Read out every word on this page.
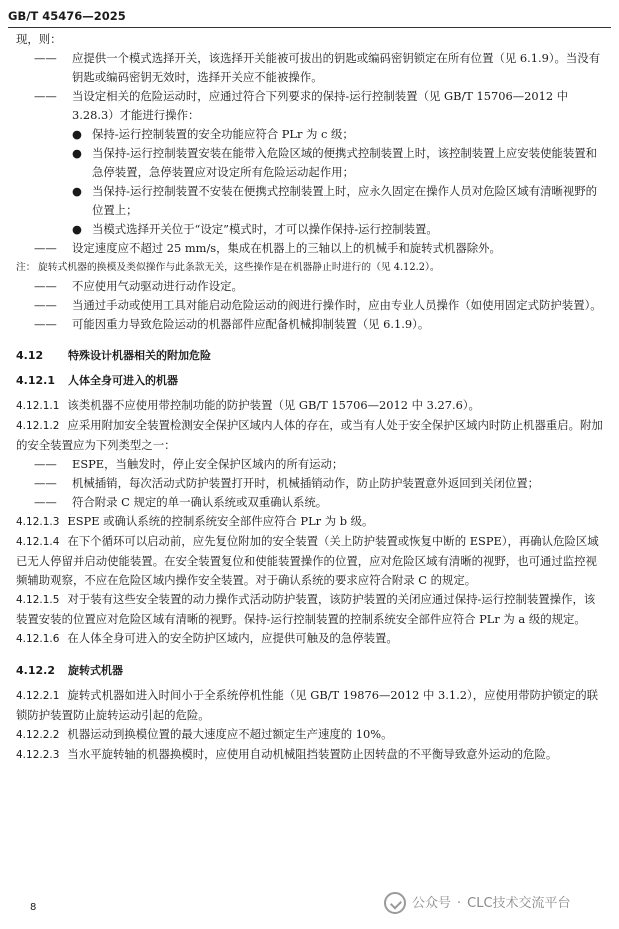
GB/T 45476—2025
现，则：
—— 应提供一个模式选择开关，该选择开关能被可拔出的钥匙或编码密钥锁定在所有位置（见 6.1.9）。当没有钥匙或编码密钥无效时，选择开关应不能被操作。
—— 当设定相关的危险运动时，应通过符合下列要求的保持-运行控制装置（见 GB/T 15706—2012 中 3.28.3）才能进行操作：
● 保持-运行控制装置的安全功能应符合 PLr 为 c 级；
● 当保持-运行控制装置安装在能带入危险区域的便携式控制装置上时，该控制装置上应安装使能装置和急停装置，急停装置应对设定所有危险运动起作用；
● 当保持-运行控制装置不安装在便携式控制装置上时，应永久固定在操作人员对危险区域有清晰视野的位置上；
● 当模式选择开关位于“设定”模式时，才可以操作保持-运行控制装置。
—— 设定速度应不超过 25 mm/s，集成在机器上的三轴以上的机械手和旋转式机器除外。
注： 旋转式机器的换模及类似操作与此条款无关，这些操作是在机器静止时进行的（见 4.12.2）。
—— 不应使用气动驱动进行动作设定。
—— 当通过手动或使用工具对能启动危险运动的阀进行操作时，应由专业人员操作（如使用固定式防护装置）。
—— 可能因重力导致危险运动的机器部件应配备机械抑制装置（见 6.1.9）。
4.12 特殊设计机器相关的附加危险
4.12.1 人体全身可进入的机器
4.12.1.1 该类机器不应使用带控制功能的防护装置（见 GB/T 15706—2012 中 3.27.6）。
4.12.1.2 应采用附加安全装置检测安全保护区域内人体的存在，或当有人处于安全保护区域内时防止机器重启。附加的安全装置应为下列类型之一：
—— ESPE，当触发时，停止安全保护区域内的所有运动；
—— 机械插销，每次活动式防护装置打开时，机械插销动作，防止防护装置意外返回到关闭位置；
—— 符合附录 C 规定的单一确认系统或双重确认系统。
4.12.1.3 ESPE 或确认系统的控制系统安全部件应符合 PLr 为 b 级。
4.12.1.4 在下个循环可以启动前，应先复位附加的安全装置（关上防护装置或恢复中断的 ESPE），再确认危险区域已无人停留并启动使能装置。在安全装置复位和使能装置操作的位置，应对危险区域有清晰的视野，也可通过监控视频辅助观察，不应在危险区域内操作安全装置。对于确认系统的要求应符合附录 C 的规定。
4.12.1.5 对于装有这些安全装置的动力操作式活动防护装置，该防护装置的关闭应通过保持-运行控制装置操作，该装置安装的位置应对危险区域有清晰的视野。保持-运行控制装置的控制系统安全部件应符合 PLr 为 a 级的规定。
4.12.1.6 在人体全身可进入的安全防护区域内，应提供可触及的急停装置。
4.12.2 旋转式机器
4.12.2.1 旋转式机器如进入时间小于全系统停机性能（见 GB/T 19876—2012 中 3.1.2），应使用带防护锁定的联锁防护装置防止旋转运动引起的危险。
4.12.2.2 机器运动到换模位置的最大速度应不超过额定生产速度的 10%。
4.12.2.3 当水平旋转轴的机器换模时，应使用自动机械阻挡装置防止因转盘的不平衡导致意外运动的危险。
8	公众号 · CLC技术交流平台
